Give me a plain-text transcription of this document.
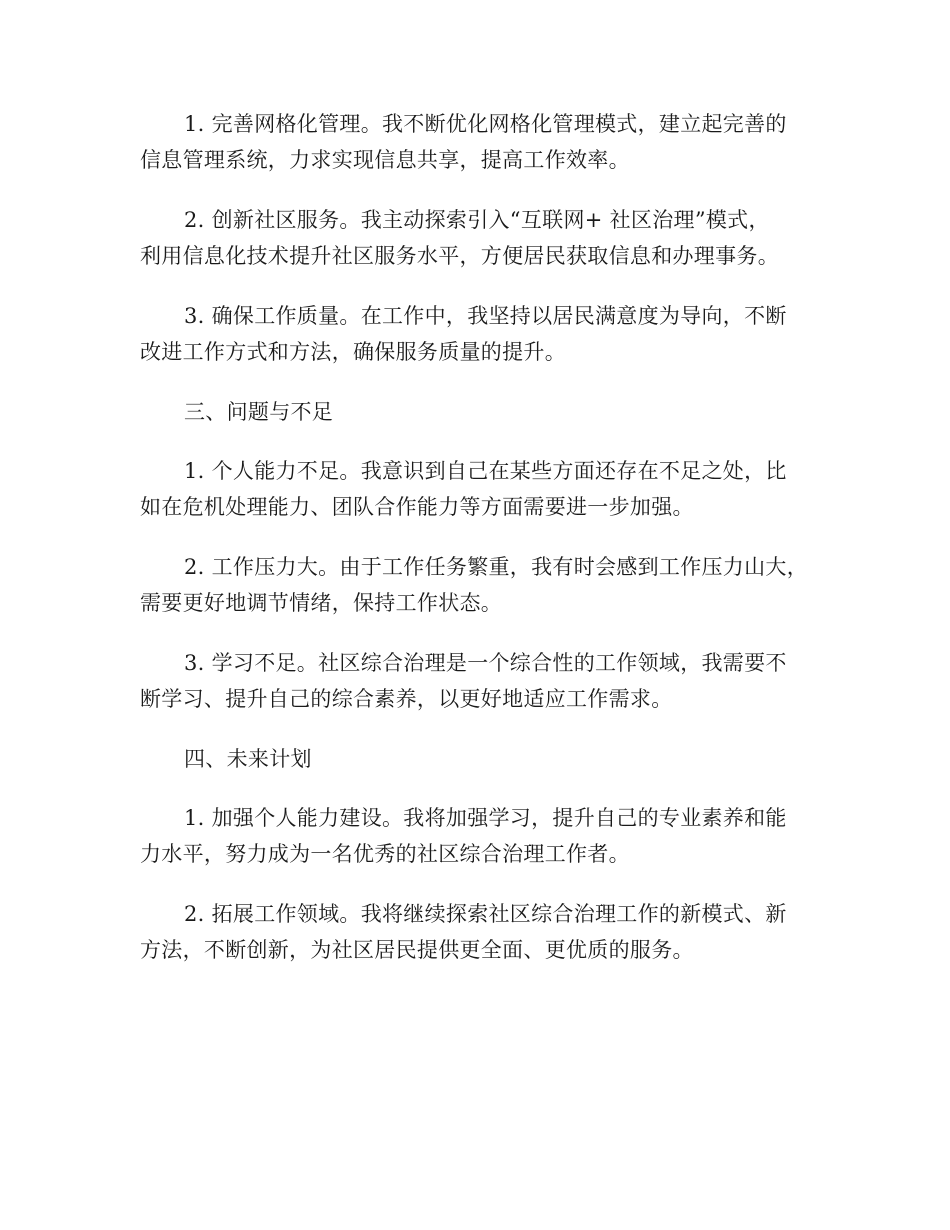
1. 完善网格化管理。我不断优化网格化管理模式，建立起完善的
信息管理系统，力求实现信息共享，提高工作效率。

2. 创新社区服务。我主动探索引入“互联网+ 社区治理”模式，
利用信息化技术提升社区服务水平，方便居民获取信息和办理事务。

3. 确保工作质量。在工作中，我坚持以居民满意度为导向，不断
改进工作方式和方法，确保服务质量的提升。

三、问题与不足

1. 个人能力不足。我意识到自己在某些方面还存在不足之处，比
如在危机处理能力、团队合作能力等方面需要进一步加强。

2. 工作压力大。由于工作任务繁重，我有时会感到工作压力山大，
需要更好地调节情绪，保持工作状态。

3. 学习不足。社区综合治理是一个综合性的工作领域，我需要不
断学习、提升自己的综合素养，以更好地适应工作需求。

四、未来计划

1. 加强个人能力建设。我将加强学习，提升自己的专业素养和能
力水平，努力成为一名优秀的社区综合治理工作者。

2. 拓展工作领域。我将继续探索社区综合治理工作的新模式、新
方法，不断创新，为社区居民提供更全面、更优质的服务。
